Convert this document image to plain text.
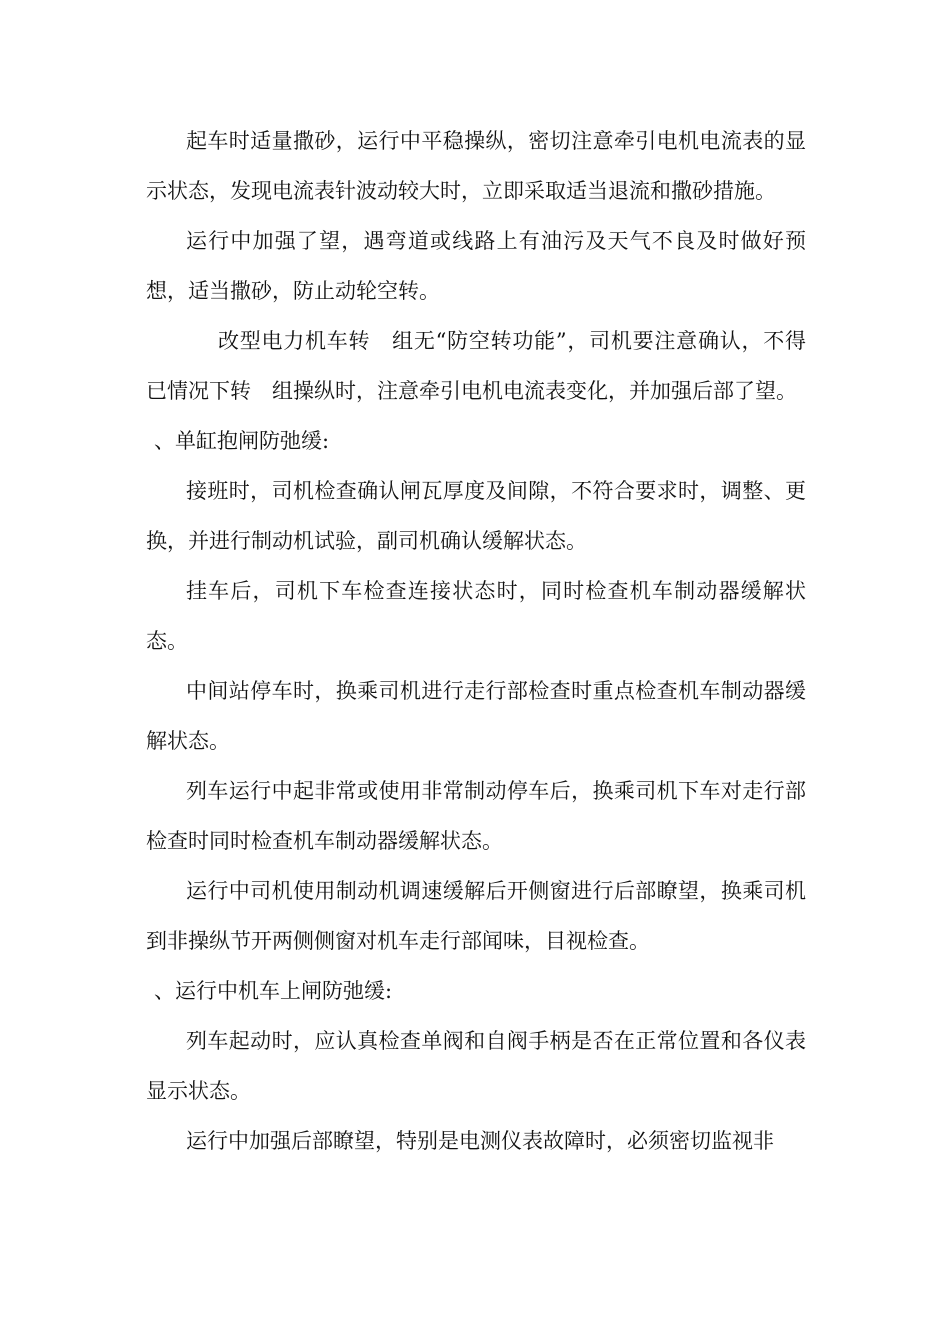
起车时适量撒砂，运行中平稳操纵，密切注意牵引电机电流表的显示状态，发现电流表针波动较大时，立即采取适当退流和撒砂措施。

运行中加强了望，遇弯道或线路上有油污及天气不良及时做好预想，适当撒砂，防止动轮空转。

改型电力机车转　组无“防空转功能”，司机要注意确认，不得已情况下转　组操纵时，注意牵引电机电流表变化，并加强后部了望。

、单缸抱闸防弛缓:

接班时，司机检查确认闸瓦厚度及间隙，不符合要求时，调整、更换，并进行制动机试验，副司机确认缓解状态。

挂车后，司机下车检查连接状态时，同时检查机车制动器缓解状态。

中间站停车时，换乘司机进行走行部检查时重点检查机车制动器缓解状态。

列车运行中起非常或使用非常制动停车后，换乘司机下车对走行部检查时同时检查机车制动器缓解状态。

运行中司机使用制动机调速缓解后开侧窗进行后部瞭望，换乘司机到非操纵节开两侧侧窗对机车走行部闻味，目视检查。

、运行中机车上闸防弛缓:

列车起动时，应认真检查单阀和自阀手柄是否在正常位置和各仪表显示状态。

运行中加强后部瞭望，特别是电测仪表故障时，必须密切监视非
